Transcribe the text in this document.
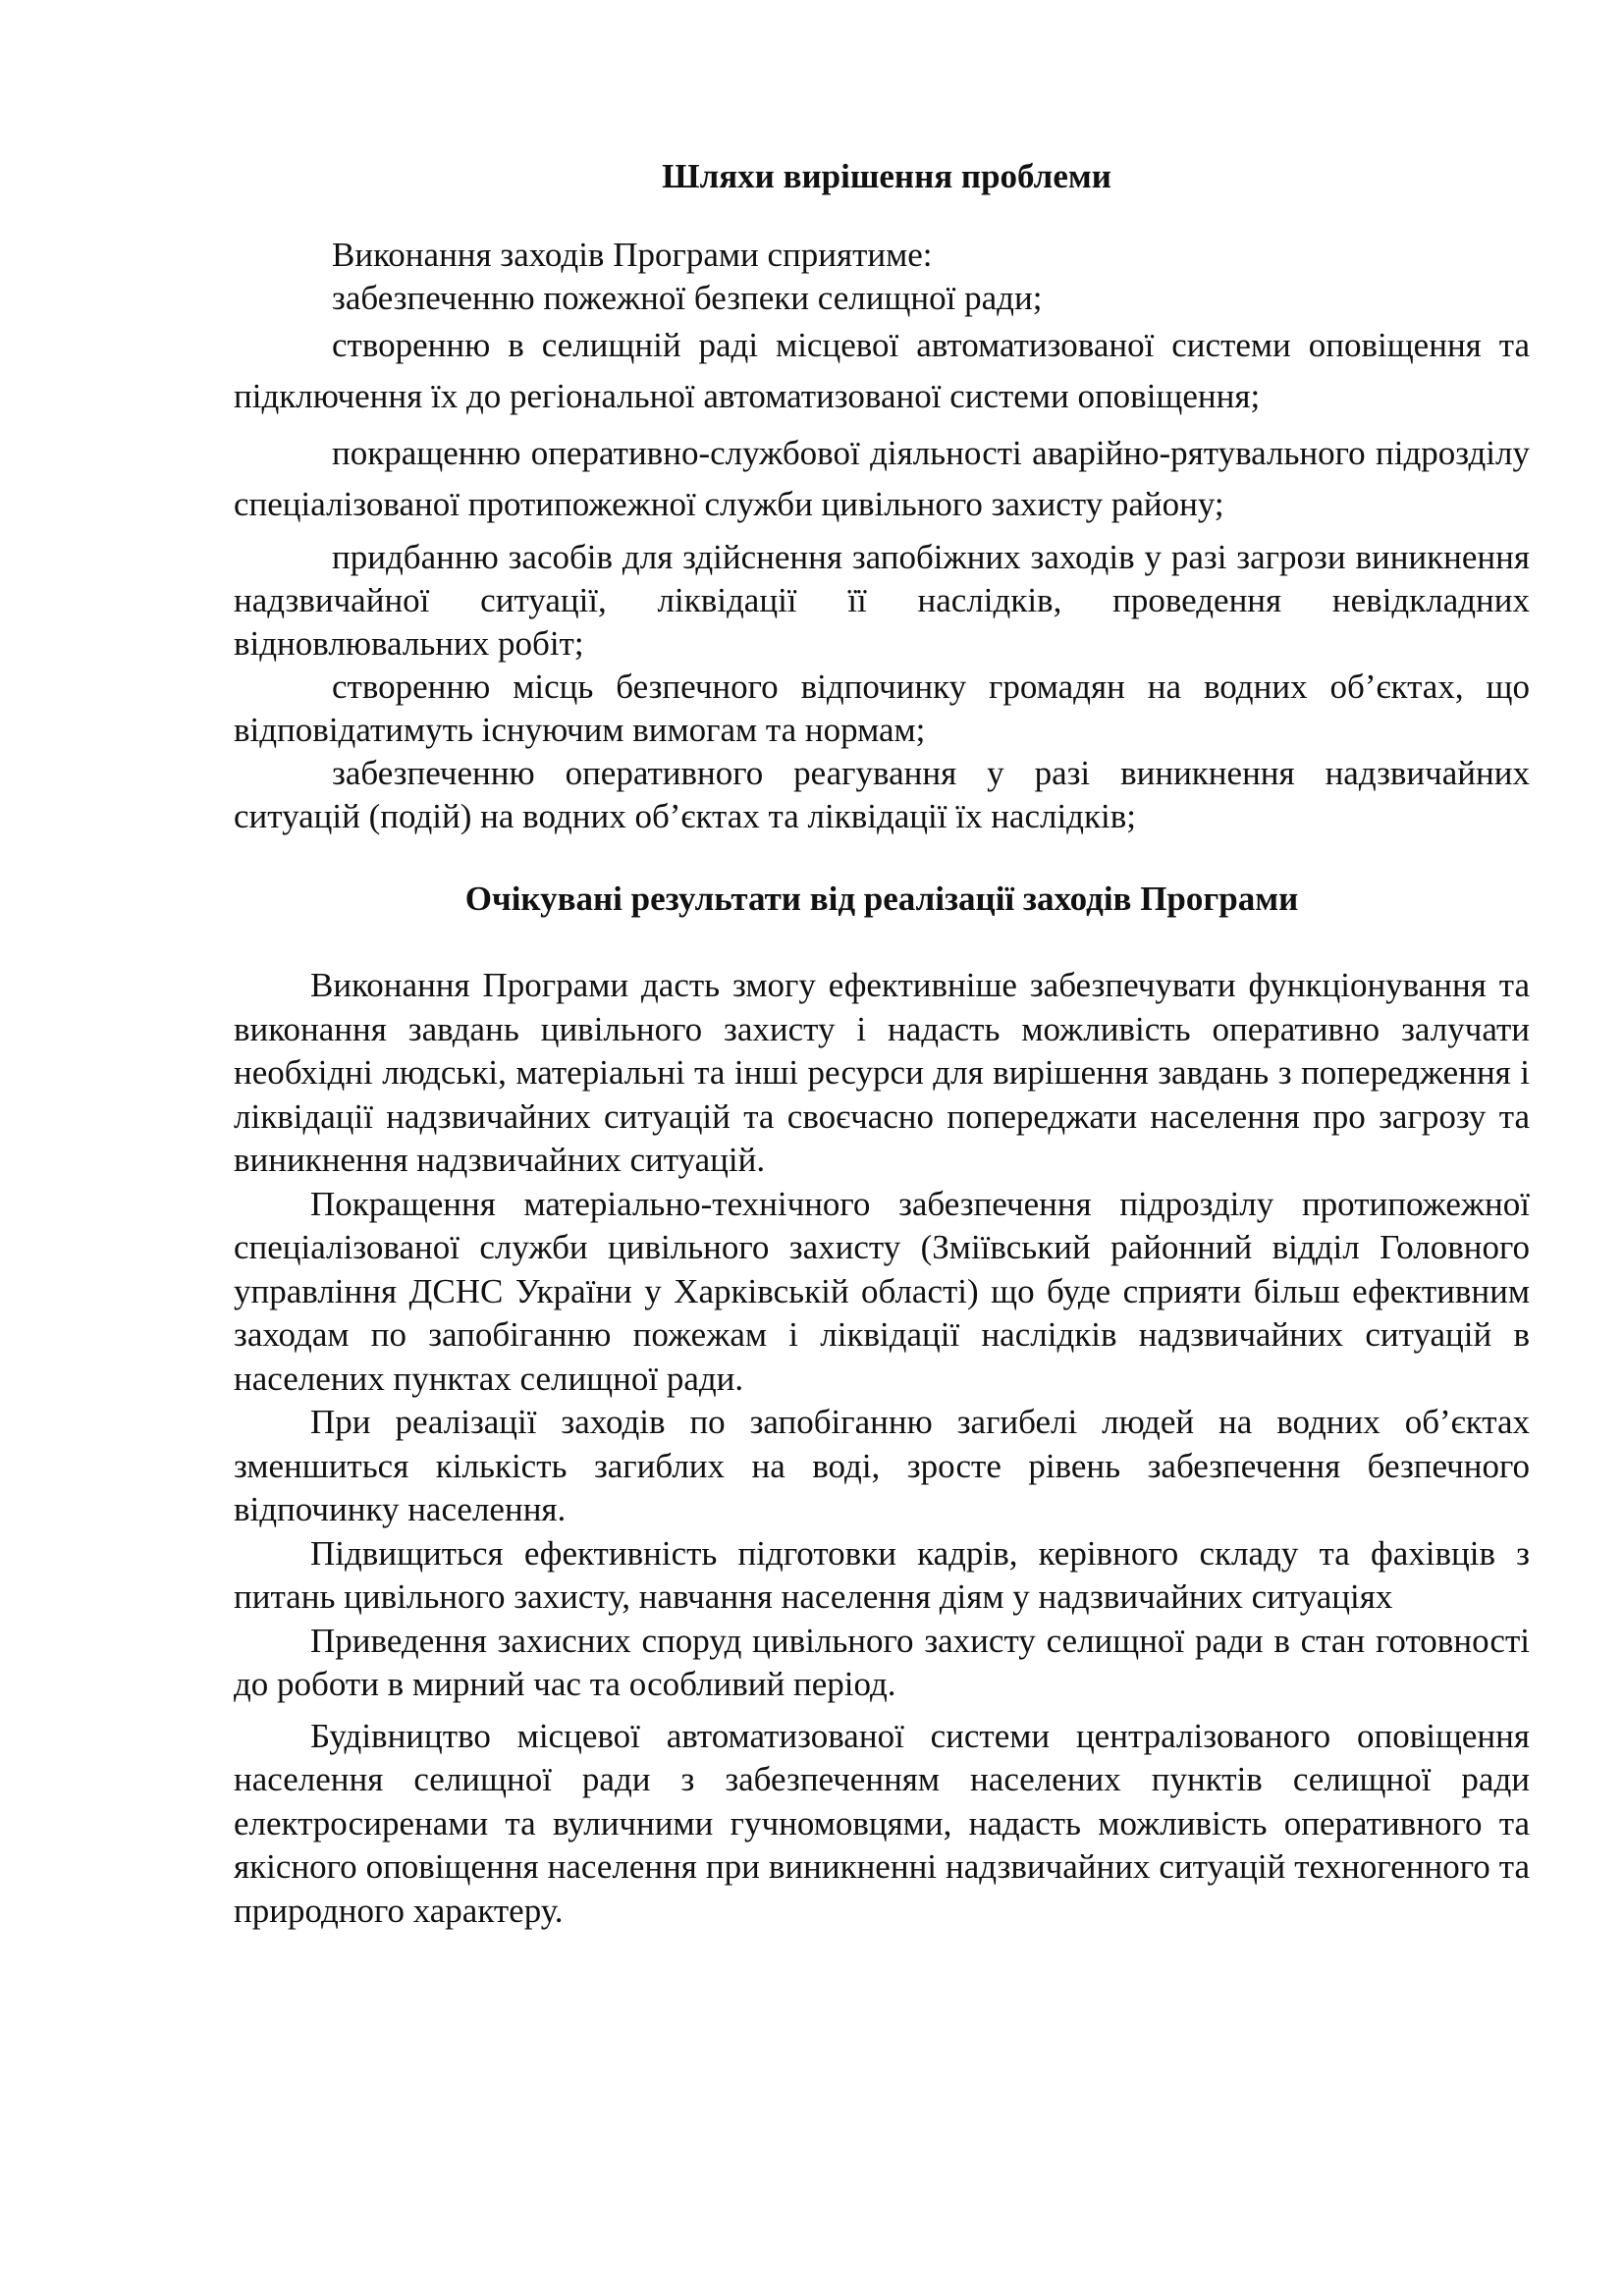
Шляхи вирішення проблеми

Виконання заходів Програми сприятиме:

забезпеченню пожежної безпеки селищної ради;

створенню в селищній раді місцевої автоматизованої системи оповіщення та підключення їх до регіональної автоматизованої системи оповіщення;

покращенню оперативно-службової діяльності аварійно-рятувального підрозділу спеціалізованої протипожежної служби цивільного захисту району;

придбанню засобів для здійснення запобіжних заходів у разі загрози виникнення надзвичайної ситуації, ліквідації її наслідків, проведення невідкладних відновлювальних робіт;

створенню місць безпечного відпочинку громадян на водних об’єктах, що відповідатимуть існуючим вимогам та нормам;

забезпеченню оперативного реагування у разі виникнення надзвичайних ситуацій (подій) на водних об’єктах та ліквідації їх наслідків;

Очікувані результати від реалізації заходів Програми

Виконання Програми дасть змогу ефективніше забезпечувати функціонування та виконання завдань цивільного захисту і надасть можливість оперативно залучати необхідні людські, матеріальні та інші ресурси для вирішення завдань з попередження і ліквідації надзвичайних ситуацій та своєчасно попереджати населення про загрозу та виникнення надзвичайних ситуацій.

Покращення матеріально-технічного забезпечення підрозділу протипожежної спеціалізованої служби цивільного захисту (Зміївський районний відділ Головного управління ДСНС України у Харківській області) що буде сприяти більш ефективним заходам по запобіганню пожежам і ліквідації наслідків надзвичайних ситуацій в населених пунктах селищної ради.

При реалізації заходів по запобіганню загибелі людей на водних об’єктах зменшиться кількість загиблих на воді, зросте рівень забезпечення безпечного відпочинку населення.

Підвищиться ефективність підготовки кадрів, керівного складу та фахівців з питань цивільного захисту, навчання населення діям у надзвичайних ситуаціях

Приведення захисних споруд цивільного захисту селищної ради в стан готовності до роботи в мирний час та особливий період.

Будівництво місцевої автоматизованої системи централізованого оповіщення населення селищної ради з забезпеченням населених пунктів селищної ради електросиренами та вуличними гучномовцями, надасть можливість оперативного та якісного оповіщення населення при виникненні надзвичайних ситуацій техногенного та природного характеру.
